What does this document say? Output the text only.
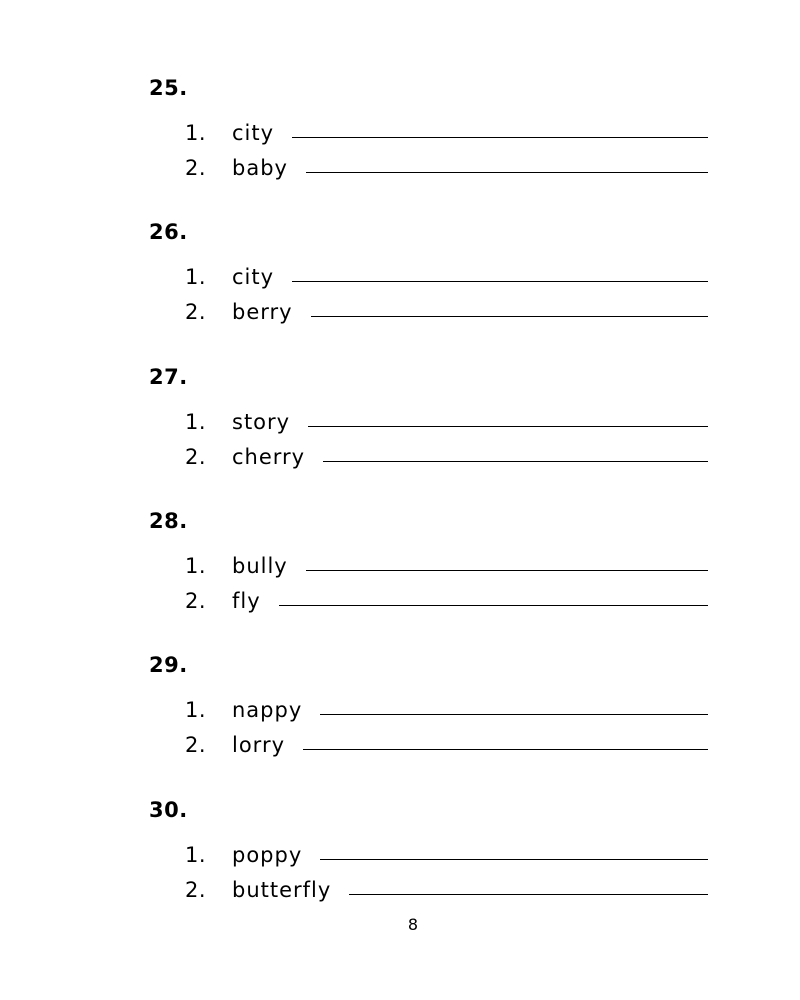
25.
1. city
2. baby
26.
1. city
2. berry
27.
1. story
2. cherry
28.
1. bully
2. fly
29.
1. nappy
2. lorry
30.
1. poppy
2. butterfly
8
